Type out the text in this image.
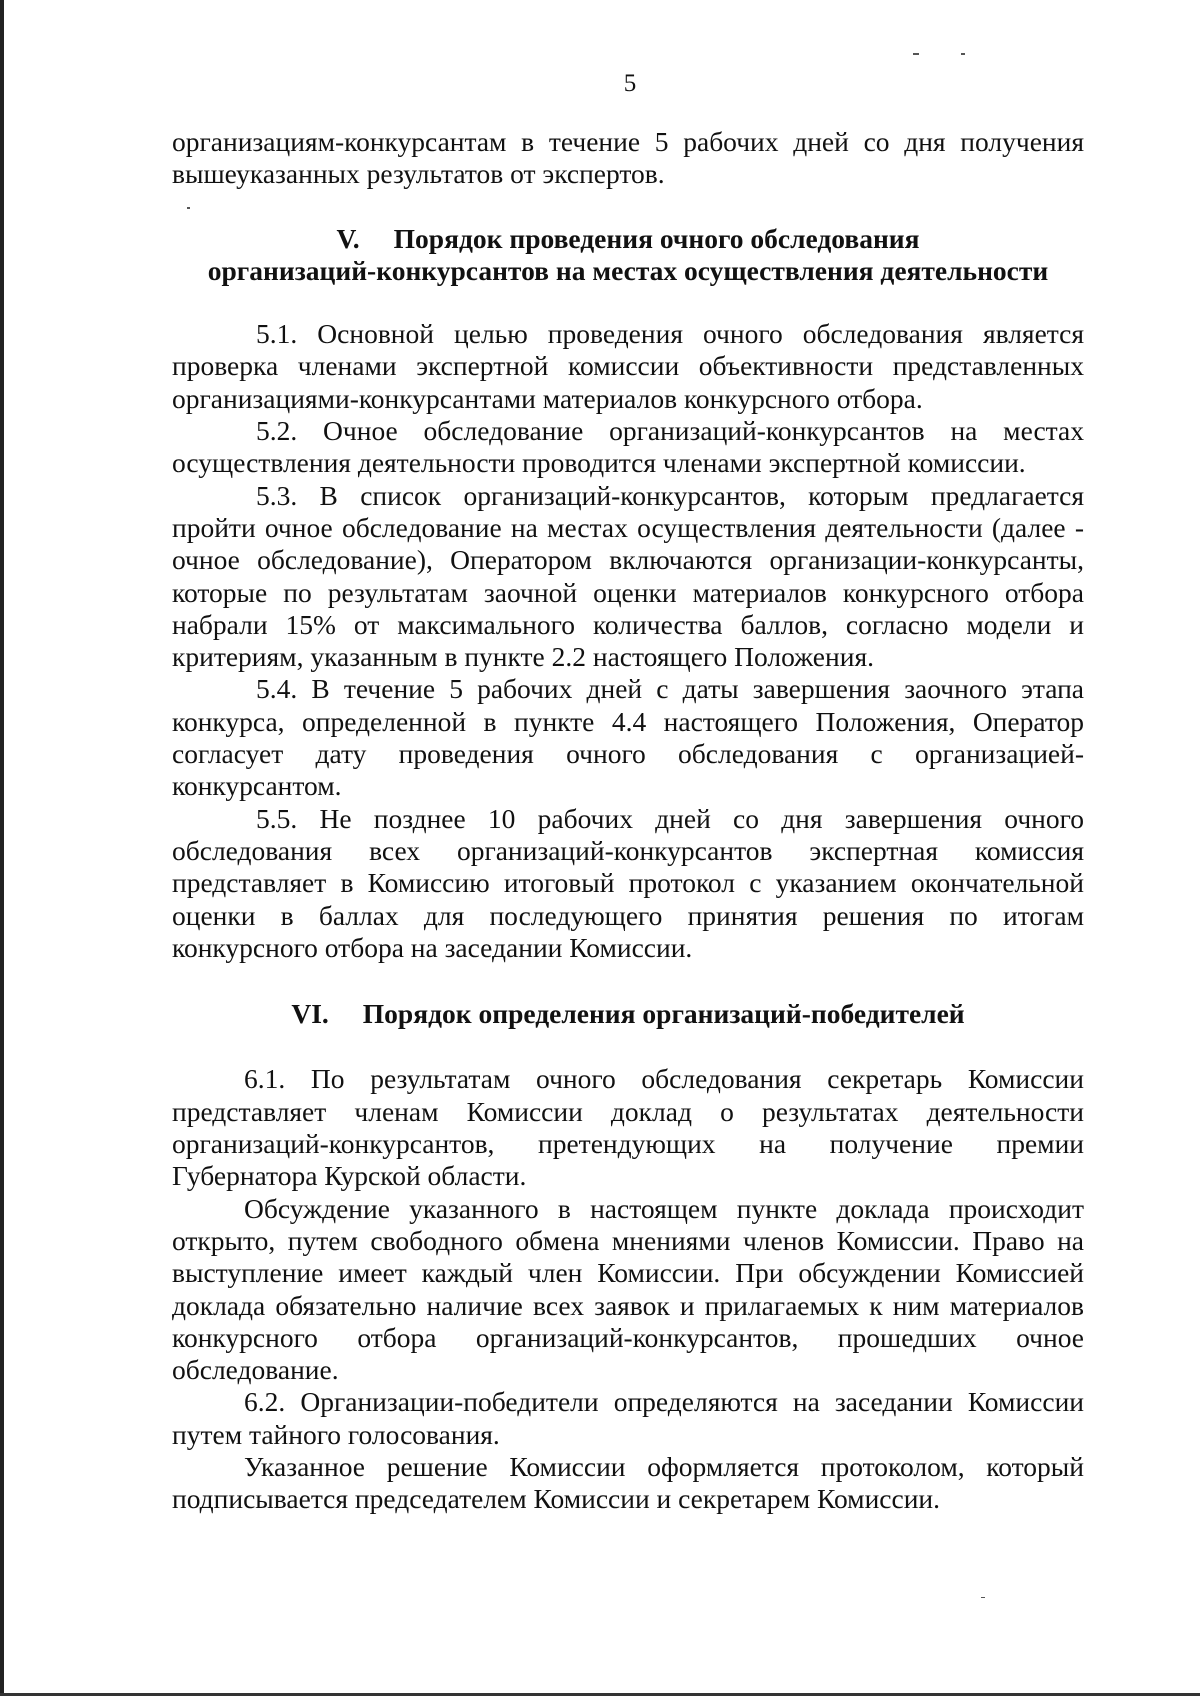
5

организациям-конкурсантам в течение 5 рабочих дней со дня получения вышеуказанных результатов от экспертов.

V. Порядок проведения очного обследования

организаций-конкурсантов на местах осуществления деятельности

5.1. Основной целью проведения очного обследования является проверка членами экспертной комиссии объективности представленных организациями-конкурсантами материалов конкурсного отбора.

5.2. Очное обследование организаций-конкурсантов на местах осуществления деятельности проводится членами экспертной комиссии.

5.3. В список организаций-конкурсантов, которым предлагается пройти очное обследование на местах осуществления деятельности (далее - очное обследование), Оператором включаются организации-конкурсанты, которые по результатам заочной оценки материалов конкурсного отбора набрали 15% от максимального количества баллов, согласно модели и критериям, указанным в пункте 2.2 настоящего Положения.

5.4. В течение 5 рабочих дней с даты завершения заочного этапа конкурса, определенной в пункте 4.4 настоящего Положения, Оператор согласует дату проведения очного обследования с организацией-конкурсантом.

5.5. Не позднее 10 рабочих дней со дня завершения очного обследования всех организаций-конкурсантов экспертная комиссия представляет в Комиссию итоговый протокол с указанием окончательной оценки в баллах для последующего принятия решения по итогам конкурсного отбора на заседании Комиссии.

VI. Порядок определения организаций-победителей

6.1. По результатам очного обследования секретарь Комиссии представляет членам Комиссии доклад о результатах деятельности организаций-конкурсантов, претендующих на получение премии Губернатора Курской области.

Обсуждение указанного в настоящем пункте доклада происходит открыто, путем свободного обмена мнениями членов Комиссии. Право на выступление имеет каждый член Комиссии. При обсуждении Комиссией доклада обязательно наличие всех заявок и прилагаемых к ним материалов конкурсного отбора организаций-конкурсантов, прошедших очное обследование.

6.2. Организации-победители определяются на заседании Комиссии путем тайного голосования.

Указанное решение Комиссии оформляется протоколом, который подписывается председателем Комиссии и секретарем Комиссии.
